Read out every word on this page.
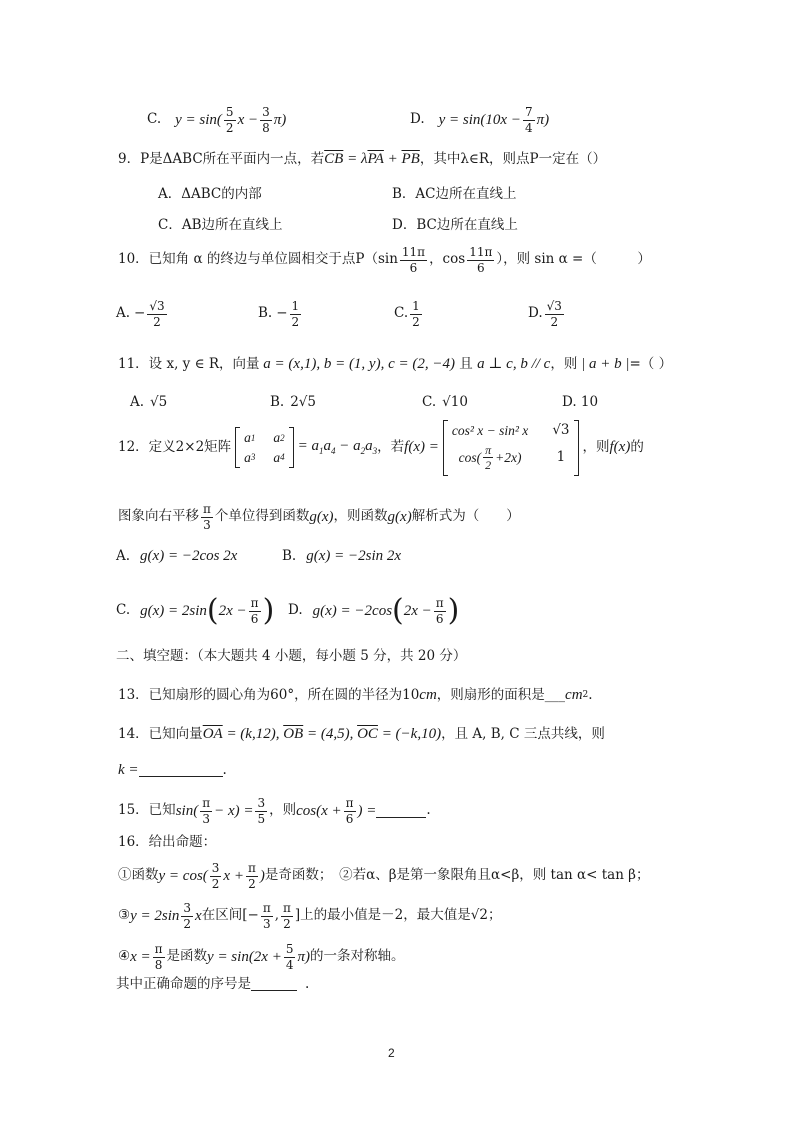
C. $y = \sin( \frac{5}{2}$ $x - \frac{3}{8} \pi$)	D. $y = \sin(10x - \frac{7}{4} \pi)$
9．P是ΔABC所在平面内一点，若 $\overline{CB} = \lambda$ $\overline{PA} + \overline{PB}$ ，其中λ∈R，则点P一定在（）
A．ΔABC的内部	B．AC边所在直线上
C．AB边所在直线上	D．BC边所在直线上
10．已知角 α 的终边与单位圆相交于点$P(\sin \frac{11\pi}{6}$ ，$\cos \frac{11\pi}{6}$ ），则 sin α =（　　　）
A. − $\frac{√3}{2}$	B. − $\frac{1}{2}$	C. $\frac{1}{2}$	D. $\frac{√3}{2}$
11．设 x, y ∈ R，向量 a = (x,1), b = (1, y), c = (2, −4) 且 a ⊥ c, b // c ，则 | a + b | =（ ）
A. √5	B. 2√5	C. √10	D. 10
12．定义2×2矩阵
a 1 a 2
a 3 a 4
= $a_1a_4 - a_2a_3$ ，若 f(x) =
cos² x − sin² x √3
$\cos( \frac{\pi}{2} +2x)$	1
，则 f(x) 的
图象向右平移 $\frac{\pi}{3}$ 个单位得到函数 g(x) ，则函数 g(x) 解析式为（　　）
A. g(x) = −2cos 2x	B. g(x) = −2sin 2x
C. g(x) = 2sin ( $2x - \frac{\pi}{6}$ ) D. g(x) = −2cos ( $2x - \frac{\pi}{6}$ )
二、填空题：（本大题共 4 小题，每小题 5 分，共 20 分）
13．已知扇形的圆心角为60°，所在圆的半径为10 cm ，则扇形的面积是___ cm 2 .
14．已知向量 $\overline{OA} = (k,12)$, $\overline{OB} = (4,5)$, $\overline{OC} = (-k,10)$ ，且 A, B, C 三点共线，则
k =	.
15．已知 $\sin( \frac{\pi}{3} - x) = \frac{3}{5}$ ，则 $\cos(x + \frac{\pi}{6}$ ) =	.
16．给出命题：
①函数 $y = \cos( \frac{3}{2}$ $x + \frac{\pi}{2}$ ) 是奇函数；　②若α、β是第一象限角且α<β，则 tan α< tan β；
③ $y = 2\sin \frac{3}{2}$ x 在区间 [− $\frac{\pi}{3}$ , $\frac{\pi}{2}$ ] 上的最小值是－2，最大值是 √2 ；
④ $x = \frac{\pi}{8}$ 是函数 $y = \sin(2x + \frac{5}{4} \pi)$ 的一条对称轴。
其中正确命题的序号是	.
2
